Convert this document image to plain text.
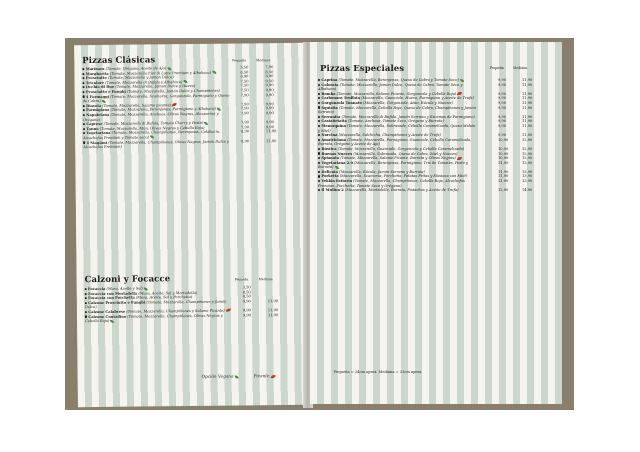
Pizzas Clásicas	Pequeña	Mediana
Marinara (Tomate, Orégano, Aceite de Ajo)	5,50	7,90
Margherita (Tomate, Mozzarella Fior di Latte Premium y Albahaca)	6,50	8,50
Prosciutto (Tomate, Mozzarella y Jamon Dulce)	6,90	8,90
Tricolore (Tomate, Mozzarella di Bufala y Albahaca)	7,50	9,50
Occhio di Bue (Tomate, Mozzarella, Jamon Dulce y Huevo)	7,50	9,90
Prosciutto e Funghi (Tomate, Mozzarella, Jamón Dulce y Champiñones)	7,50	9,90
4 Formaggi (Tomate, Mozzarella, Scamorza, Gorgonzola, Parmigiano y Queso de Cabra)
7,90	9,90
Diavola (Tomate, Mozzarella, Salame picante)	7,90	9,90
Parmigiana (Tomate, Mozzarella, Berenjenas, Parmigiano y Albahaca)	7,90	9,90
Napoletana (Tomate, Mozzarella, Anchoas, Olivas Negras, Alcaparras y Orégano)
7,90	9,90
Caprese (Tomate, Mozzarella di Bufala, Tomate Cherry y Pesto)	7,90	9,90
Tonno (Tomate, Mozzarella, Atún, Olivas Negras y Cebolla Roja)	7,90	9,90
Vegetariana (Tomate, Mozzarella, Champiñones, Berenjenas, Calabacín, Alcachofas Premium y Tomate seco)
8,90	11,90
4 Stagioni (Tomate, Mozzarella, Champiñones, Olivas Negras, Jamón Dulce y Alcachofas Premium)
8,90	11,90
Calzoni y Focacce	Pequeña	Mediana
Focaccia (Masa, Aceite y Sal)	3,50
Focaccia con Mortadella (Masa, Aceite, Sal y Mortadella)	8,50
Focaccia con Porchetta (Masa, Aceite, Sal y Porchetta)	8,50
Calzone Prosciutto e Funghi (Tomate, Mozzarella, Champiñones y Jamón Dulce)
9,90	11,90
Calzone Calabrese (Tomate, Mozzarella, Champiñones y Salame Picante)	9,90	11,90
Calzone Contadino (Tomate, Mozzarella, Champiñones, Olivas Negras y Cebolla Roja)
9,90	11,90
Opción Vegana	Picante
Pizzas Especiales	Pequeña	Mediana
Caprina (Tomate, Mozzarella, Berenjenas, Queso de Cabra y Tomate Seco)	9,90	11,90
Colorata (Tomate, Mozzarella, Jamón Dulce, Queso de Cabra, Tomate Seco y Albahaca)
9,90	11,90
Bomba (Tomate, Mozzarella, Salame Picante, Gorgonzola y Cebolla Roja)	9,90	11,90
Carbonara Truffata (Mozzarella, Guanciale, Huevo, Parmigiano y Aceite de Trufa)	9,90	11,90
Gorgonzola Tonnato (Mozzarella, Gorgonzola, Atún, Rúcula y Nueces)	9,90	11,90
Squisita (Tomate, Mozzarella, Cebolla Roja, Queso de Cabra, Champiñones y Jamón Serrano)
9,90	11,90
Serranita (Tomate, Mozzarella di Bufala, Jamón Serrano y Escamas de Parmigiano)	9,90	11,90
Castañetaita (Tomate, Anchoas, Tomate Seco, Orégano y Burrata)	9,90	11,90
Menorquina (Tomate, Mozzarella, Sobrasada, Cebolla Caramelizada, Queso Mahón y Miel)
9,90	11,90
Norcina (Mozzarella, Salchicha, Champiñones y Aceite de Trufa)	9,90	11,90
Amatriciana (Tomate, Mozzarella, Parmigiano, Guanciale, Cebolla Caramelizada, Burrata, Orégano y Aceite de Ajo)
10,90	12,90
Rústica (Tomate, Mozzarella, Guanciale, Gorgonzola y Cebolla Caramelizada)	10,90	12,90
Buenas Nueces (Mozzarella, Sobrasada, Queso de Cabra, Miel y Nueces)	10,90	12,90
Spianata (Tomate, Mozzarella, Salame Picante, Burrata y Olivas Negras)	10,90	12,90
Vegetariana 2.0 (Mozzarella, Berenjenas, Parmigiano, Tris de Tomates, Pesto y Burrata)
11,90	13,90
Delicata (Mozzarella, Rúcula, Jamón Serrano y Burrata)	11,90	13,90
Porketta (Mozzarella, Scamorza, Porchetta, Patatas Fritas y Mostaza con Miel)	11,90	13,90
Vekkia Fattoria (Tomate, Mozzarella, Champiñones, Cebolla Roja, Alcachofas Premium, Porchetta, Tomate Seco y Orégano)
11,90	13,90
Il Mulino 2 (Mozzarella, Mortadella, Burrata, Pistachos y Aceite de Trufa)	12,90	14,90
Pequeña = 24cm aprox. Mediana = 33cm aprox.
